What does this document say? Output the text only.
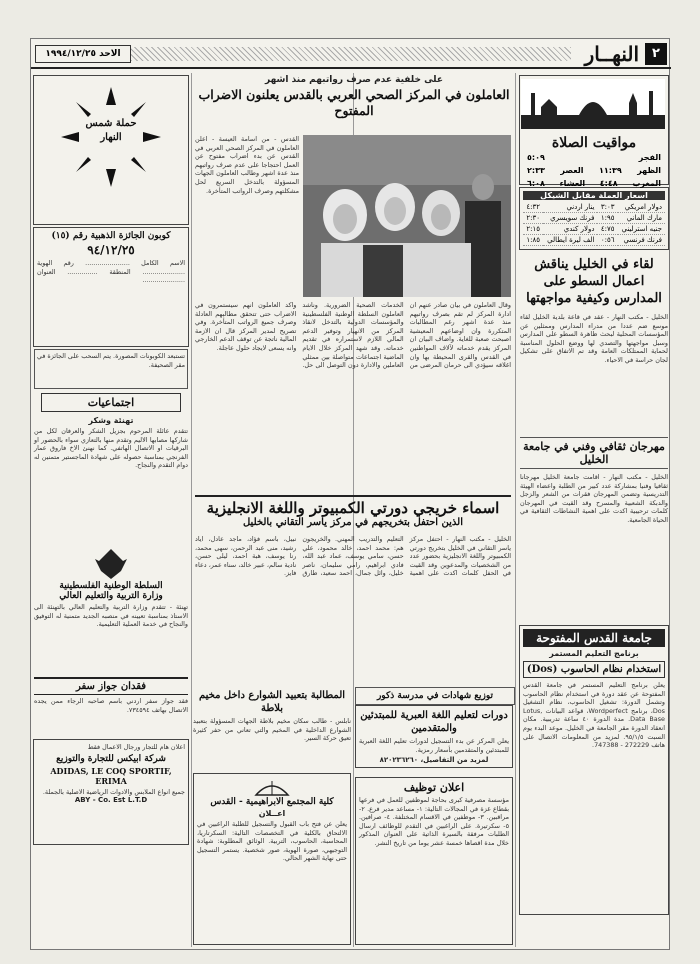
٢
النهــار
الاحد ١٩٩٤/١٢/٢٥
مواقيت الصلاة
الفجر
٥:٠٩
الظهر
١١:٣٩
العصر
٢:٣٣
المغرب
٤:٤٨
العشاء
٦:٠٨
اسعار العملة مقابل الشيكل
دولار امريكي	٣:٠٣	ينار اردني	٤:٣٢
مارك الماني	١:٩٥	فرنك سويسري	٢:٣٠
جنيه استرليني	٤:٧٥	دولار كندي	٢:١٥
فرنك فرنسي	٠:٥٦	الف ليرة ايطالي	١:٨٥
لقاء في الخليل يناقش اعمال السطو على المدارس وكيفية مواجهتها
الخليل - مكتب النهار - عقد في قاعة بلدية الخليل لقاء موسع ضم عددا من مدراء المدارس وممثلين عن المؤسسات المحلية لبحث ظاهرة السطو على المدارس وسبل مواجهتها والتصدي لها ووضع الحلول المناسبة لحماية الممتلكات العامة وقد تم الاتفاق على تشكيل لجان حراسة في الاحياء.
مهرجان ثقافي وفني في جامعة الخليل
الخليل - مكتب النهار - اقامت جامعة الخليل مهرجانا ثقافيا وفنيا بمشاركة عدد كبير من الطلبة واعضاء الهيئة التدريسية وتضمن المهرجان فقرات من الشعر والزجل والدبكة الشعبية والمسرح وقد القيت في المهرجان كلمات ترحيبية اكدت على اهمية النشاطات الثقافية في الحياة الجامعية.
جامعة القدس المفتوحة
برنامج التعليم المستمر
استخدام نظام الحاسوب (Dos)
يعلن برنامج التعليم المستمر في جامعة القدس المفتوحة عن عقد دورة في استخدام نظام الحاسوب وتشمل الدورة: تشغيل الحاسوب، نظام التشغيل Dos، برنامج Wordperfect، قواعد البيانات Lotus, Data Base. مدة الدورة ٤٠ ساعة تدريبية. مكان انعقاد الدورة مقر الجامعة في الخليل. موعد البدء يوم السبت ٩٥/١/٥. لمزيد من المعلومات الاتصال على هاتف 272229 - 747388.
على خلفية عدم صرف رواتبهم منذ اشهر
العاملون في المركز الصحي العربي بالقدس يعلنون الاضراب المفتوح
القدس - من اسامة العيسة - اعلن العاملون في المركز الصحي العربي في القدس عن بدء اضراب مفتوح عن العمل احتجاجا على عدم صرف رواتبهم منذ عدة اشهر وطالب العاملون الجهات المسؤولة بالتدخل السريع لحل مشكلتهم وصرف الرواتب المتأخرة.
وقال العاملون في بيان صادر عنهم ان ادارة المركز لم تقم بصرف رواتبهم منذ عدة اشهر رغم المطالبات المتكررة وان اوضاعهم المعيشية اصبحت صعبة للغاية. واضاف البيان ان المركز يقدم خدماته لآلاف المواطنين في القدس والقرى المحيطة بها وان اغلاقه سيؤدي الى حرمان المرضى من الخدمات الصحية الضرورية. وناشد العاملون السلطة الوطنية الفلسطينية والمؤسسات الدولية بالتدخل لانقاذ المركز من الانهيار وتوفير الدعم المالي اللازم لاستمراره في تقديم خدماته. وقد شهد المركز خلال الايام الماضية اجتماعات متواصلة بين ممثلي العاملين والادارة دون التوصل الى حل. واكد العاملون انهم سيستمرون في الاضراب حتى تتحقق مطالبهم العادلة وصرف جميع الرواتب المتأخرة. وفي تصريح لمدير المركز قال ان الازمة المالية ناتجة عن توقف الدعم الخارجي وانه يسعى لايجاد حلول عاجلة.
اسماء خريجي دورتي الكمبيوتر واللغة الانجليزية
الذين احتفل بتخريجهم في مركز ياسر التقاني بالخليل
الخليل - مكتب النهار - احتفل مركز ياسر التقاني في الخليل بتخريج دورتي الكمبيوتر واللغة الانجليزية بحضور عدد من الشخصيات والمدعوين وقد القيت في الحفل كلمات اكدت على اهمية التعليم والتدريب المهني. والخريجون هم: محمد احمد، خالد محمود، علي حسن، سامي يوسف، عماد عبد الله، فادي ابراهيم، رامي سليمان، ناصر خليل، وائل جمال، احمد سعيد، طارق نبيل، باسم فؤاد، ماجد عادل، اياد رشيد، منى عبد الرحمن، سهى محمد، رنا يوسف، هبة احمد، ليلى حسن، نادية سالم، عبير خالد، سناء عمر، دعاء فايز.
توزيع شهادات في مدرسة ذكور
دورات لتعليم اللغة العبرية للمبتدئين والمتقدمين
يعلن المركز عن بدء التسجيل لدورات تعليم اللغة العبرية للمبتدئين والمتقدمين بأسعار رمزية.
لمزيد من التفاصيل، ٨٢٠٢٣٦٢٦٠
اعلان توظيف
مؤسسة مصرفية كبرى بحاجة لموظفين للعمل في فرعها بقطاع غزة في المجالات التالية: ١- مساعد مدير فرع. ٢- مراقبين. ٣- موظفين في الاقسام المختلفة. ٤- صرافين. ٥- سكرتيرة. على الراغبين في التقدم للوظائف ارسال الطلبات مرفقة بالسيرة الذاتية على العنوان المذكور خلال مدة اقصاها خمسة عشر يوما من تاريخ النشر.
كلية المجتمع الابراهيمية - القدس
اعــلان
يعلن عن فتح باب القبول والتسجيل للطلبة الراغبين في الالتحاق بالكلية في التخصصات التالية: السكرتاريا، المحاسبة، الحاسوب، التربية. الوثائق المطلوبة: شهادة التوجيهي، صورة الهوية، صور شخصية. يستمر التسجيل حتى نهاية الشهر الحالي.
المطالبة بتعبيد الشوارع داخل مخيم بلاطة
نابلس - طالب سكان مخيم بلاطة الجهات المسؤولة بتعبيد الشوارع الداخلية في المخيم والتي تعاني من حفر كثيرة تعيق حركة السير.
حملة شمس النهار
كوبون الجائزة الذهبية رقم (١٥)
٩٤/١٢/٢٥
الاسم الكامل ...................... رقم الهوية ..................... المنطقة ............... العنوان .....................
تستبعد الكوبونات المصورة. يتم السحب على الجائزة في مقر الصحيفة.
اجتماعيات
تهنئة وشكر
تتقدم عائلة المرحوم بجزيل الشكر والعرفان لكل من شاركها مصابها الاليم وتقدم منها بالتعازي سواء بالحضور او البرقيات او الاتصال الهاتفي. كما نهنئ الاخ فاروق عمار الفرنجي بمناسبة حصوله على شهادة الماجستير متمنين له دوام التقدم والنجاح.
السلطة الوطنية الفلسطينية
وزارة التربية والتعليم العالي
تهنئة - تتقدم وزارة التربية والتعليم العالي بالتهنئة الى الاستاذ بمناسبة تعيينه في منصبه الجديد متمنية له التوفيق والنجاح في خدمة العملية التعليمية.
فقدان جواز سفر
فقد جواز سفر اردني باسم صاحبه الرجاء ممن يجده الاتصال بهاتف ٧٣٤٥٩٤.
اعلان هام للتجار ورجال الاعمال فقط
شركة ابيكس للتجارة والتوزيع
ADIDAS, LE COQ SPORTIF, ERIMA
جميع انواع الملابس والادوات الرياضية الاصلية بالجملة.
ABY - Co. Est L.T.D
